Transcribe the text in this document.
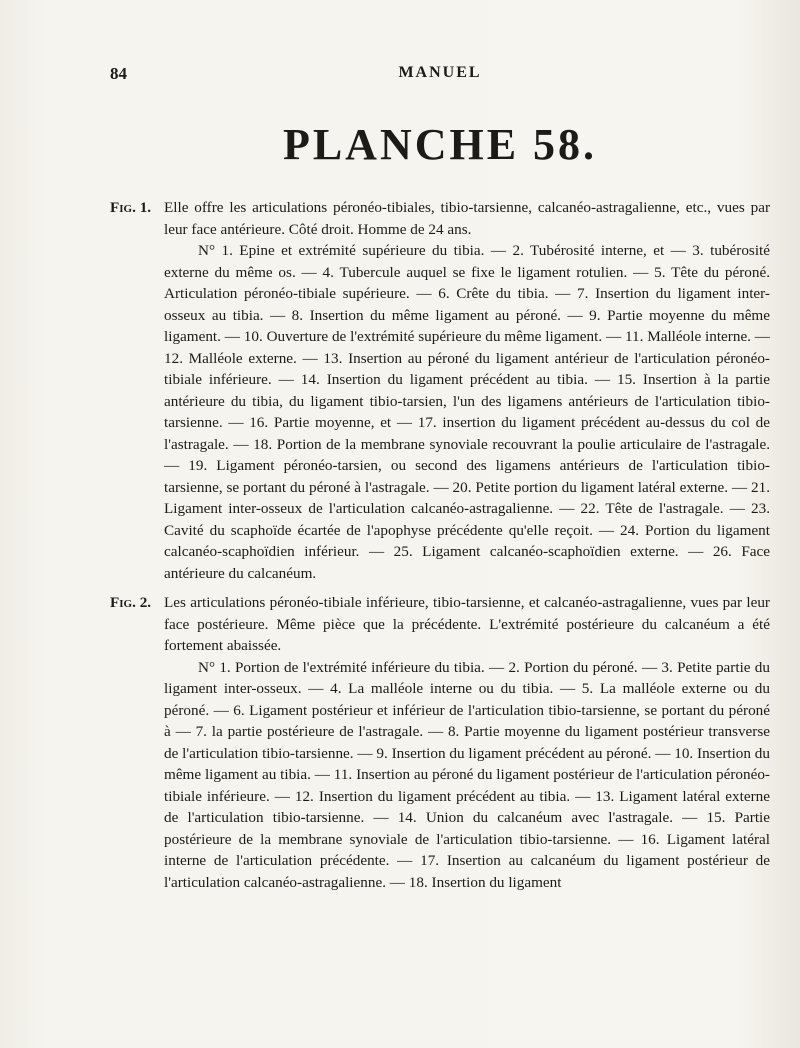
84	MANUEL
PLANCHE 58.
Fig. 1. Elle offre les articulations péronéo-tibiales, tibio-tarsienne, calcanéo-astragalienne, etc., vues par leur face antérieure. Côté droit. Homme de 24 ans.
N° 1. Epine et extrémité supérieure du tibia. — 2. Tubérosité interne, et — 3. tubérosité externe du même os. — 4. Tubercule auquel se fixe le ligament rotulien. — 5. Tête du péroné. Articulation péronéo-tibiale supérieure. — 6. Crête du tibia. — 7. Insertion du ligament inter-osseux au tibia. — 8. Insertion du même ligament au péroné. — 9. Partie moyenne du même ligament. — 10. Ouverture de l'extrémité supérieure du même ligament. — 11. Malléole interne. — 12. Malléole externe. — 13. Insertion au péroné du ligament antérieur de l'articulation péronéo-tibiale inférieure. — 14. Insertion du ligament précédent au tibia. — 15. Insertion à la partie antérieure du tibia, du ligament tibio-tarsien, l'un des ligamens antérieurs de l'articulation tibio-tarsienne. — 16. Partie moyenne, et — 17. insertion du ligament précédent au-dessus du col de l'astragale. — 18. Portion de la membrane synoviale recouvrant la poulie articulaire de l'astragale. — 19. Ligament péronéo-tarsien, ou second des ligamens antérieurs de l'articulation tibio-tarsienne, se portant du péroné à l'astragale. — 20. Petite portion du ligament latéral externe. — 21. Ligament inter-osseux de l'articulation calcanéo-astragalienne. — 22. Tête de l'astragale. — 23. Cavité du scaphoïde écartée de l'apophyse précédente qu'elle reçoit. — 24. Portion du ligament calcanéo-scaphoïdien inférieur. — 25. Ligament calcanéo-scaphoïdien externe. — 26. Face antérieure du calcanéum.
Fig. 2. Les articulations péronéo-tibiale inférieure, tibio-tarsienne, et calcanéo-astragalienne, vues par leur face postérieure. Même pièce que la précédente. L'extrémité postérieure du calcanéum a été fortement abaissée.
N° 1. Portion de l'extrémité inférieure du tibia. — 2. Portion du péroné. — 3. Petite partie du ligament inter-osseux. — 4. La malléole interne ou du tibia. — 5. La malléole externe ou du péroné. — 6. Ligament postérieur et inférieur de l'articulation tibio-tarsienne, se portant du péroné à — 7. la partie postérieure de l'astragale. — 8. Partie moyenne du ligament postérieur transverse de l'articulation tibio-tarsienne. — 9. Insertion du ligament précédent au péroné. — 10. Insertion du même ligament au tibia. — 11. Insertion au péroné du ligament postérieur de l'articulation péronéo-tibiale inférieure. — 12. Insertion du ligament précédent au tibia. — 13. Ligament latéral externe de l'articulation tibio-tarsienne. — 14. Union du calcanéum avec l'astragale. — 15. Partie postérieure de la membrane synoviale de l'articulation tibio-tarsienne. — 16. Ligament latéral interne de l'articulation précédente. — 17. Insertion au calcanéum du ligament postérieur de l'articulation calcanéo-astragalienne. — 18. Insertion du ligament
